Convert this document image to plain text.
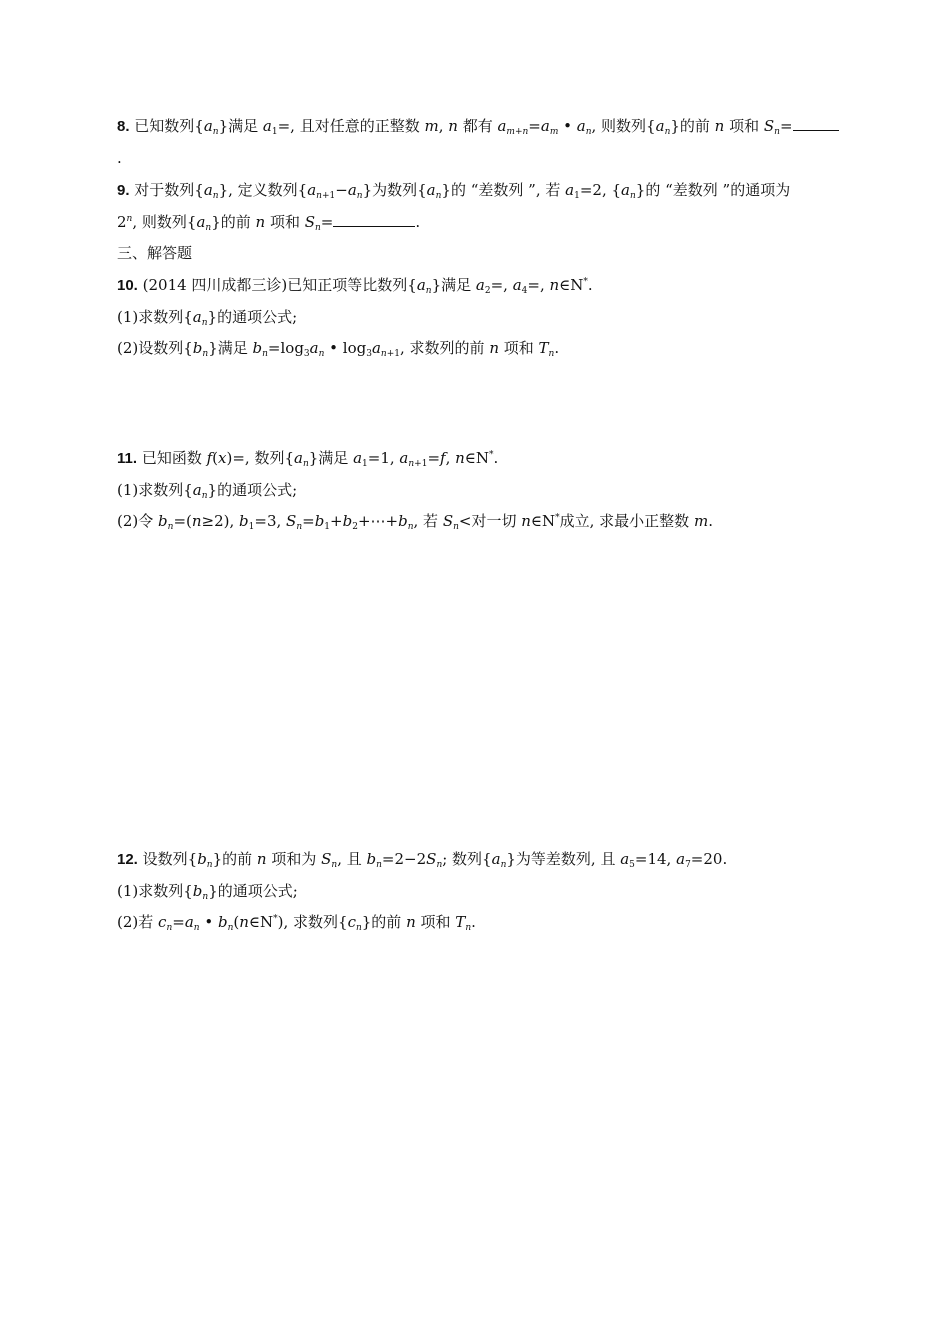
8. 已知数列$\{a_n\}$满足 $a_1=$, 且对任意的正整数 m, n 都有 $a_{m+n}=a_m$ • $a_n$, 则数列$\{a_n\}$的前 n 项和 $S_n=$
.
9. 对于数列$\{a_n\}$, 定义数列$\{a_{n+1}-a_n\}$为数列$\{a_n\}$的 “差数列 ”, 若 $a_1=2$, $\{a_n\}$的 “差数列 ”的通项为
2$^n$, 则数列$\{a_n\}$的前 n 项和 $S_n=$	.
三、解答题
10. (2014 四川成都三诊)已知正项等比数列$\{a_n\}$满足 $a_2=$, $a_4=$, n∈N*.
(1)求数列$\{a_n\}$的通项公式;
(2)设数列$\{b_n\}$满足 $b_n=\log_3a_n$ • $\log_3a_{n+1}$, 求数列的前 n 项和 $T_n$.
11. 已知函数 f(x)=, 数列$\{a_n\}$满足 $a_1=1$, $a_{n+1}=f$, n∈N*.
(1)求数列$\{a_n\}$的通项公式;
(2)令 $b_n=(n\ge 2)$, $b_1=3$, $S_n=b_1+b_2+\cdots+b_n$, 若 $S_n<$对一切 n∈N*成立, 求最小正整数 m.
12. 设数列$\{b_n\}$的前 n 项和为 $S_n$, 且 $b_n=2-2S_n$; 数列$\{a_n\}$为等差数列, 且 $a_5=14$, $a_7=20$.
(1)求数列$\{b_n\}$的通项公式;
(2)若 $c_n=a_n$ • $b_n(n\in N^*)$, 求数列$\{c_n\}$的前 n 项和 $T_n$.
